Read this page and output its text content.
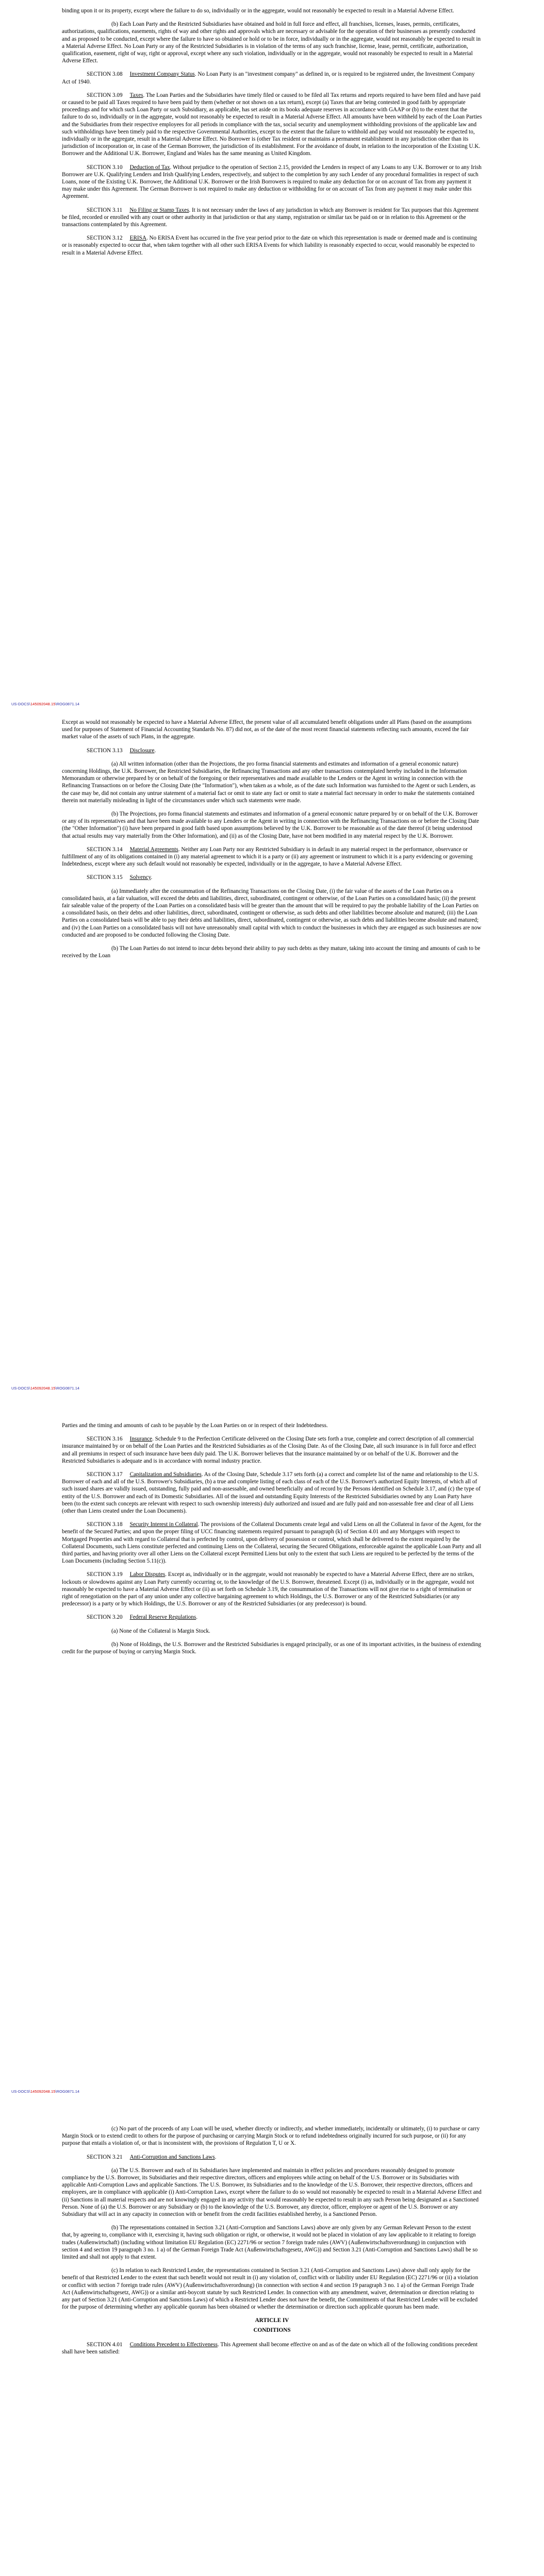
binding upon it or its property, except where the failure to do so, individually or in the aggregate, would not reasonably be expected to result in a Material Adverse Effect.

(b) Each Loan Party and the Restricted Subsidiaries have obtained and hold in full force and effect, all franchises, licenses, leases, permits, certificates, authorizations, qualifications, easements, rights of way and other rights and approvals which are necessary or advisable for the operation of their businesses as presently conducted and as proposed to be conducted, except where the failure to have so obtained or hold or to be in force, individually or in the aggregate, would not reasonably be expected to result in a Material Adverse Effect. No Loan Party or any of the Restricted Subsidiaries is in violation of the terms of any such franchise, license, lease, permit, certificate, authorization, qualification, easement, right of way, right or approval, except where any such violation, individually or in the aggregate, would not reasonably be expected to result in a Material Adverse Effect.

SECTION 3.08 Investment Company Status. No Loan Party is an "investment company" as defined in, or is required to be registered under, the Investment Company Act of 1940.

SECTION 3.09 Taxes. The Loan Parties and the Subsidiaries have timely filed or caused to be filed all Tax returns and reports required to have been filed and have paid or caused to be paid all Taxes required to have been paid by them (whether or not shown on a tax return), except (a) Taxes that are being contested in good faith by appropriate proceedings and for which such Loan Party or such Subsidiary, as applicable, has set aside on its books adequate reserves in accordance with GAAP or (b) to the extent that the failure to do so, individually or in the aggregate, would not reasonably be expected to result in a Material Adverse Effect. All amounts have been withheld by each of the Loan Parties and the Subsidiaries from their respective employees for all periods in compliance with the tax, social security and unemployment withholding provisions of the applicable law and such withholdings have been timely paid to the respective Governmental Authorities, except to the extent that the failure to withhold and pay would not reasonably be expected to, individually or in the aggregate, result in a Material Adverse Effect. No Borrower is (other Tax resident or maintains a permanent establishment in any jurisdiction other than its jurisdiction of incorporation or, in case of the German Borrower, the jurisdiction of its establishment. For the avoidance of doubt, in relation to the incorporation of the Existing U.K. Borrower and the Additional U.K. Borrower, England and Wales has the same meaning as United Kingdom.

SECTION 3.10 Deduction of Tax. Without prejudice to the operation of Section 2.15, provided the Lenders in respect of any Loans to any U.K. Borrower or to any Irish Borrower are U.K. Qualifying Lenders and Irish Qualifying Lenders, respectively, and subject to the completion by any such Lender of any procedural formalities in respect of such Loans, none of the Existing U.K. Borrower, the Additional U.K. Borrower or the Irish Borrowers is required to make any deduction for or on account of Tax from any payment it may make under this Agreement. The German Borrower is not required to make any deduction or withholding for or on account of Tax from any payment it may make under this Agreement.

SECTION 3.11 No Filing or Stamp Taxes. It is not necessary under the laws of any jurisdiction in which any Borrower is resident for Tax purposes that this Agreement be filed, recorded or enrolled with any court or other authority in that jurisdiction or that any stamp, registration or similar tax be paid on or in relation to this Agreement or the transactions contemplated by this Agreement.

SECTION 3.12 ERISA. No ERISA Event has occurred in the five year period prior to the date on which this representation is made or deemed made and is continuing or is reasonably expected to occur that, when taken together with all other such ERISA Events for which liability is reasonably expected to occur, would reasonably be expected to result in a Material Adverse Effect.

US-DOCS\145092048.15\ROG0871.14

Except as would not reasonably be expected to have a Material Adverse Effect, the present value of all accumulated benefit obligations under all Plans (based on the assumptions used for purposes of Statement of Financial Accounting Standards No. 87) did not, as of the date of the most recent financial statements reflecting such amounts, exceed the fair market value of the assets of such Plans, in the aggregate.

SECTION 3.13 Disclosure.

(a) All written information (other than the Projections, the pro forma financial statements and estimates and information of a general economic nature) concerning Holdings, the U.K. Borrower, the Restricted Subsidiaries, the Refinancing Transactions and any other transactions contemplated hereby included in the Information Memorandum or otherwise prepared by or on behalf of the foregoing or their representatives and made available to the Lenders or the Agent in writing in connection with the Refinancing Transactions on or before the Closing Date (the "Information"), when taken as a whole, as of the date such Information was furnished to the Agent or such Lenders, as the case may be, did not contain any untrue statement of a material fact or omit to state any fact or omit to state a material fact necessary in order to make the statements contained therein not materially misleading in light of the circumstances under which such statements were made.

(b) The Projections, pro forma financial statements and estimates and information of a general economic nature prepared by or on behalf of the U.K. Borrower or any of its representatives and that have been made available to any Lenders or the Agent in writing in connection with the Refinancing Transactions on or before the Closing Date (the "Other Information") (i) have been prepared in good faith based upon assumptions believed by the U.K. Borrower to be reasonable as of the date thereof (it being understood that actual results may vary materially from the Other Information), and (ii) as of the Closing Date, have not been modified in any material respect by the U.K. Borrower.

SECTION 3.14 Material Agreements. Neither any Loan Party nor any Restricted Subsidiary is in default in any material respect in the performance, observance or fulfillment of any of its obligations contained in (i) any material agreement to which it is a party or (ii) any agreement or instrument to which it is a party evidencing or governing Indebtedness, except where any such default would not reasonably be expected, individually or in the aggregate, to have a Material Adverse Effect.

SECTION 3.15 Solvency.

(a) Immediately after the consummation of the Refinancing Transactions on the Closing Date, (i) the fair value of the assets of the Loan Parties on a consolidated basis, at a fair valuation, will exceed the debts and liabilities, direct, subordinated, contingent or otherwise, of the Loan Parties on a consolidated basis; (ii) the present fair saleable value of the property of the Loan Parties on a consolidated basis will be greater than the amount that will be required to pay the probable liability of the Loan Parties on a consolidated basis, on their debts and other liabilities, direct, subordinated, contingent or otherwise, as such debts and other liabilities become absolute and matured; (iii) the Loan Parties on a consolidated basis will be able to pay their debts and liabilities, direct, subordinated, contingent or otherwise, as such debts and liabilities become absolute and matured; and (iv) the Loan Parties on a consolidated basis will not have unreasonably small capital with which to conduct the businesses in which they are engaged as such businesses are now conducted and are proposed to be conducted following the Closing Date.

(b) The Loan Parties do not intend to incur debts beyond their ability to pay such debts as they mature, taking into account the timing and amounts of cash to be received by the Loan

US-DOCS\145092048.15\ROG0871.14

Parties and the timing and amounts of cash to be payable by the Loan Parties on or in respect of their Indebtedness.

SECTION 3.16 Insurance. Schedule 9 to the Perfection Certificate delivered on the Closing Date sets forth a true, complete and correct description of all commercial insurance maintained by or on behalf of the Loan Parties and the Restricted Subsidiaries as of the Closing Date. As of the Closing Date, all such insurance is in full force and effect and all premiums in respect of such insurance have been duly paid. The U.K. Borrower believes that the insurance maintained by or on behalf of the U.K. Borrower and the Restricted Subsidiaries is adequate and is in accordance with normal industry practice.

SECTION 3.17 Capitalization and Subsidiaries. As of the Closing Date, Schedule 3.17 sets forth (a) a correct and complete list of the name and relationship to the U.S. Borrower of each and all of the U.S. Borrower's Subsidiaries, (b) a true and complete listing of each class of each of the U.S. Borrower's authorized Equity Interests, of which all of such issued shares are validly issued, outstanding, fully paid and non-assessable, and owned beneficially and of record by the Persons identified on Schedule 3.17, and (c) the type of entity of the U.S. Borrower and each of its Domestic Subsidiaries. All of the issued and outstanding Equity Interests of the Restricted Subsidiaries owned by any Loan Party have been (to the extent such concepts are relevant with respect to such ownership interests) duly authorized and issued and are fully paid and non-assessable free and clear of all Liens (other than Liens created under the Loan Documents).

SECTION 3.18 Security Interest in Collateral. The provisions of the Collateral Documents create legal and valid Liens on all the Collateral in favor of the Agent, for the benefit of the Secured Parties; and upon the proper filing of UCC financing statements required pursuant to paragraph (k) of Section 4.01 and any Mortgages with respect to Mortgaged Properties and with regard to Collateral that is perfected by control, upon delivery of possession or control, which shall be delivered to the extent required by the Collateral Documents, such Liens constitute perfected and continuing Liens on the Collateral, securing the Secured Obligations, enforceable against the applicable Loan Party and all third parties, and having priority over all other Liens on the Collateral except Permitted Liens but only to the extent that such Liens are required to be perfected by the terms of the Loan Documents (including Section 5.11(c)).

SECTION 3.19 Labor Disputes. Except as, individually or in the aggregate, would not reasonably be expected to have a Material Adverse Effect, there are no strikes, lockouts or slowdowns against any Loan Party currently occurring or, to the knowledge of the U.S. Borrower, threatened. Except (i) as, individually or in the aggregate, would not reasonably be expected to have a Material Adverse Effect or (ii) as set forth on Schedule 3.19, the consummation of the Transactions will not give rise to a right of termination or right of renegotiation on the part of any union under any collective bargaining agreement to which Holdings, the U.S. Borrower or any of the Restricted Subsidiaries (or any predecessor) is a party or by which Holdings, the U.S. Borrower or any of the Restricted Subsidiaries (or any predecessor) is bound.

SECTION 3.20 Federal Reserve Regulations.

(a) None of the Collateral is Margin Stock.

(b) None of Holdings, the U.S. Borrower and the Restricted Subsidiaries is engaged principally, or as one of its important activities, in the business of extending credit for the purpose of buying or carrying Margin Stock.

US-DOCS\145092048.15\ROG0871.14

(c) No part of the proceeds of any Loan will be used, whether directly or indirectly, and whether immediately, incidentally or ultimately, (i) to purchase or carry Margin Stock or to extend credit to others for the purpose of purchasing or carrying Margin Stock or to refund indebtedness originally incurred for such purpose, or (ii) for any purpose that entails a violation of, or that is inconsistent with, the provisions of Regulation T, U or X.

SECTION 3.21 Anti-Corruption and Sanctions Laws.

(a) The U.S. Borrower and each of its Subsidiaries have implemented and maintain in effect policies and procedures reasonably designed to promote compliance by the U.S. Borrower, its Subsidiaries and their respective directors, officers and employees while acting on behalf of the U.S. Borrower or its Subsidiaries with applicable Anti-Corruption Laws and applicable Sanctions. The U.S. Borrower, its Subsidiaries and to the knowledge of the U.S. Borrower, their respective directors, officers and employees, are in compliance with applicable (i) Anti-Corruption Laws, except where the failure to do so would not reasonably be expected to result in a Material Adverse Effect and (ii) Sanctions in all material respects and are not knowingly engaged in any activity that would reasonably be expected to result in any such Person being designated as a Sanctioned Person. None of (a) the U.S. Borrower or any Subsidiary or (b) to the knowledge of the U.S. Borrower, any director, officer, employee or agent of the U.S. Borrower or any Subsidiary that will act in any capacity in connection with or benefit from the credit facilities established hereby, is a Sanctioned Person.

(b) The representations contained in Section 3.21 (Anti-Corruption and Sanctions Laws) above are only given by any German Relevant Person to the extent that, by agreeing to, compliance with it, exercising it, having such obligation or right, or otherwise, it would not be placed in violation of any law applicable to it relating to foreign trades (Außenwirtschaft) (including without limitation EU Regulation (EC) 2271/96 or section 7 foreign trade rules (AWV) (Außenwirtschaftsverordnung) in conjunction with section 4 and section 19 paragraph 3 no. 1 a) of the German Foreign Trade Act (Außenwirtschaftsgesetz, AWG)) and Section 3.21 (Anti-Corruption and Sanctions Laws) shall be so limited and shall not apply to that extent.

(c) In relation to each Restricted Lender, the representations contained in Section 3.21 (Anti-Corruption and Sanctions Laws) above shall only apply for the benefit of that Restricted Lender to the extent that such benefit would not result in (i) any violation of, conflict with or liability under EU Regulation (EC) 2271/96 or (ii) a violation or conflict with section 7 foreign trade rules (AWV) (Außenwirtschaftsverordnung) (in connection with section 4 and section 19 paragraph 3 no. 1 a) of the German Foreign Trade Act (Außenwirtschaftsgesetz, AWG)) or a similar anti-boycott statute by such Restricted Lender. In connection with any amendment, waiver, determination or direction relating to any part of Section 3.21 (Anti-Corruption and Sanctions Laws) of which a Restricted Lender does not have the benefit, the Commitments of that Restricted Lender will be excluded for the purpose of determining whether any applicable quorum has been obtained or whether the determination or direction such applicable quorum has been made.

ARTICLE IV
CONDITIONS

SECTION 4.01 Conditions Precedent to Effectiveness. This Agreement shall become effective on and as of the date on which all of the following conditions precedent shall have been satisfied:
